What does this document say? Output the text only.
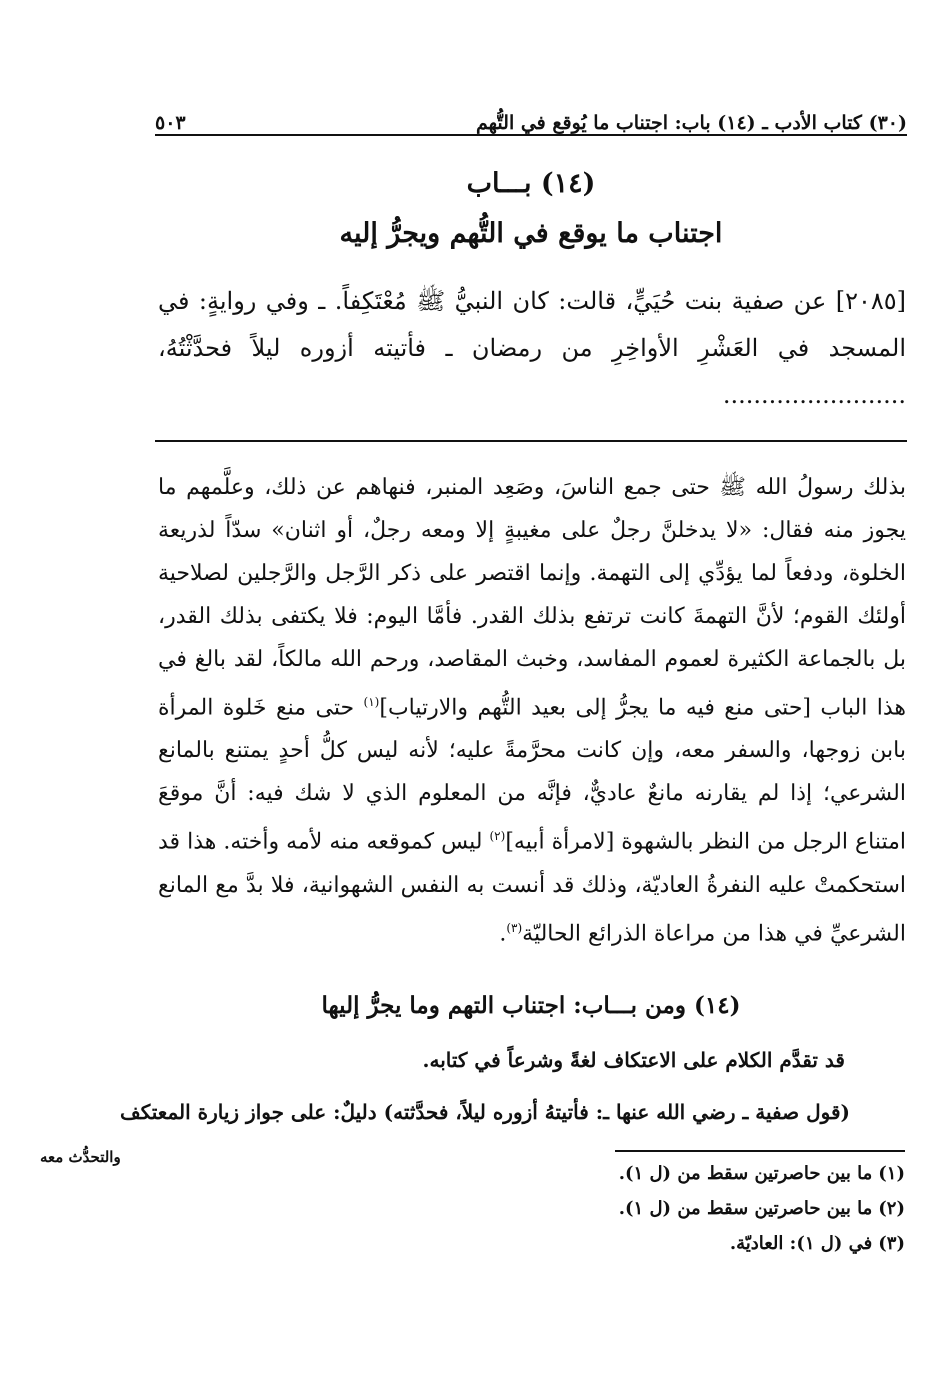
(٣٠) كتاب الأدب ـ (١٤) باب: اجتناب ما يُوقع في التُّهم
٥٠٣
(١٤) بـــاب
اجتناب ما يوقع في التُّهم ويجرُّ إليه
[٢٠٨٥] عن صفية بنت حُيَيٍّ، قالت: كان النبيُّ ﷺ مُعْتَكِفاً. ـ وفي روايةٍ: في المسجد في العَشْرِ الأواخِرِ من رمضان ـ فأتيته أزوره ليلاً فحدَّثْتُهُ، ........................
بذلك رسولُ الله ﷺ حتى جمع الناسَ، وصَعِد المنبر، فنهاهم عن ذلك، وعلَّمهم ما يجوز منه فقال: «لا يدخلنَّ رجلٌ على مغيبةٍ إلا ومعه رجلٌ، أو اثنان» سدّاً لذريعة الخلوة، ودفعاً لما يؤدِّي إلى التهمة. وإنما اقتصر على ذكر الرَّجل والرَّجلين لصلاحية أولئك القوم؛ لأنَّ التهمةَ كانت ترتفع بذلك القدر. فأمَّا اليوم: فلا يكتفى بذلك القدر، بل بالجماعة الكثيرة لعموم المفاسد، وخبث المقاصد، ورحم الله مالكاً، لقد بالغ في هذا الباب [حتى منع فيه ما يجرُّ إلى بعيد التُّهم والارتياب]$^{(١)}$ حتى منع خَلوة المرأة بابن زوجها، والسفر معه، وإن كانت محرَّمةً عليه؛ لأنه ليس كلُّ أحدٍ يمتنع بالمانع الشرعي؛ إذا لم يقارنه مانعٌ عاديٌّ، فإنَّه من المعلوم الذي لا شك فيه: أنَّ موقعَ امتناع الرجل من النظر بالشهوة [لامرأة أبيه]$^{(٢)}$ ليس كموقعه منه لأمه وأخته. هذا قد استحكمتْ عليه النفرةُ العاديّة، وذلك قد أنست به النفس الشهوانية، فلا بدَّ مع المانع الشرعيِّ في هذا من مراعاة الذرائع الحاليّة$^{(٣)}$.
(١٤) ومن بـــاب: اجتناب التهم وما يجرُّ إليها
قد تقدَّم الكلام على الاعتكاف لغةً وشرعاً في كتابه.
(قول صفية ـ رضي الله عنها ـ: فأتيتهُ أزوره ليلاً، فحدَّثته) دليلٌ: على جواز زيارة المعتكف
والتحدُّث معه
(١)ما بين حاصرتين سقط من (ل ١).
(٢)ما بين حاصرتين سقط من (ل ١).
(٣)في (ل ١): العاديّة.
